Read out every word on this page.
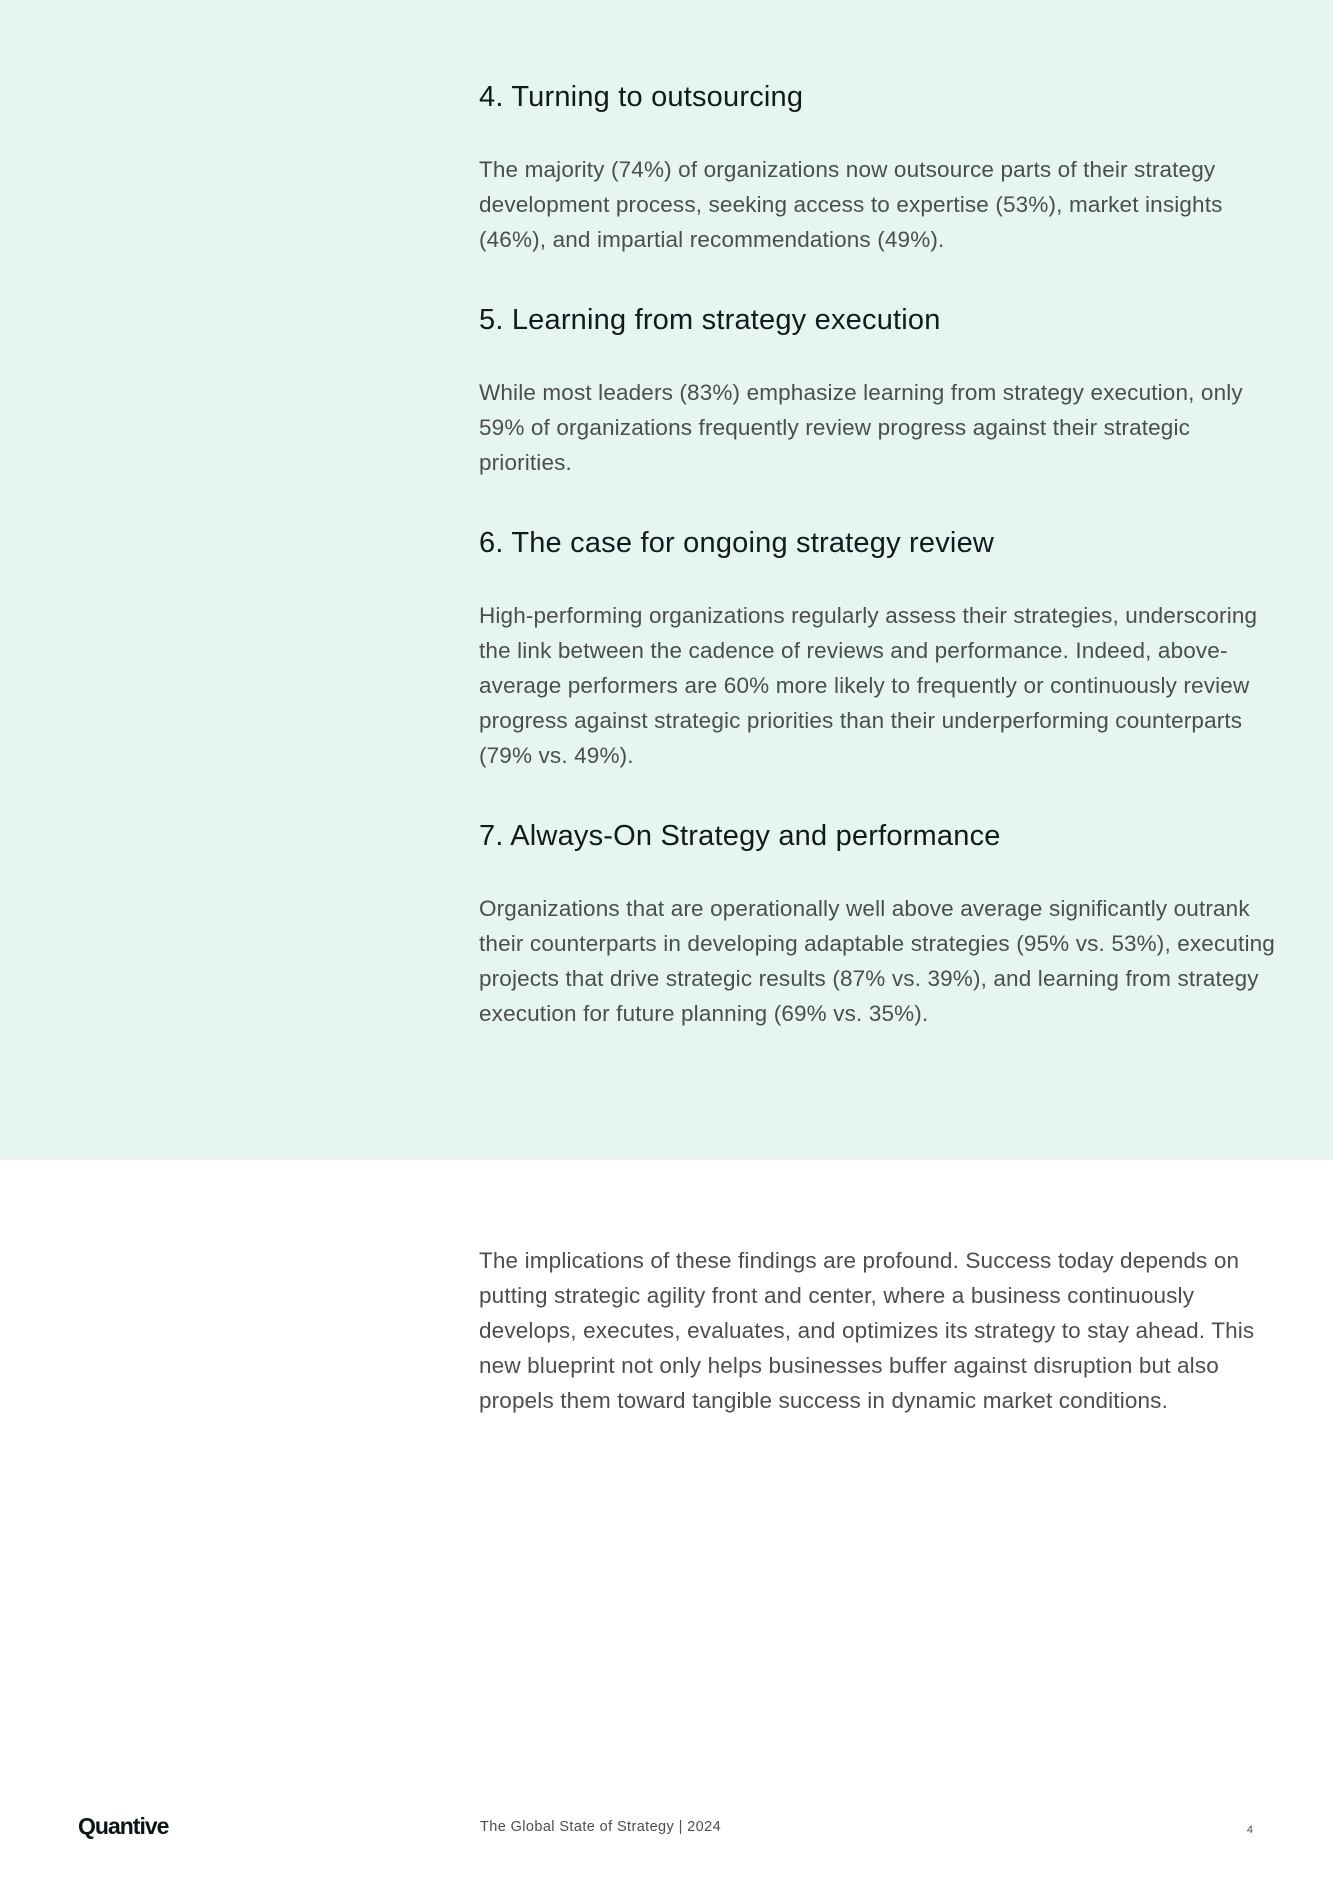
4. Turning to outsourcing

The majority (74%) of organizations now outsource parts of their strategy development process, seeking access to expertise (53%), market insights (46%), and impartial recommendations (49%).

5. Learning from strategy execution

While most leaders (83%) emphasize learning from strategy execution, only 59% of organizations frequently review progress against their strategic priorities.

6. The case for ongoing strategy review

High-performing organizations regularly assess their strategies, underscoring the link between the cadence of reviews and performance. Indeed, above-average performers are 60% more likely to frequently or continuously review progress against strategic priorities than their underperforming counterparts (79% vs. 49%).

7. Always-On Strategy and performance

Organizations that are operationally well above average significantly outrank their counterparts in developing adaptable strategies (95% vs. 53%), executing projects that drive strategic results (87% vs. 39%), and learning from strategy execution for future planning (69% vs. 35%).

The implications of these findings are profound. Success today depends on putting strategic agility front and center, where a business continuously develops, executes, evaluates, and optimizes its strategy to stay ahead. This new blueprint not only helps businesses buffer against disruption but also propels them toward tangible success in dynamic market conditions.

Quantive	The Global State of Strategy | 2024	4
